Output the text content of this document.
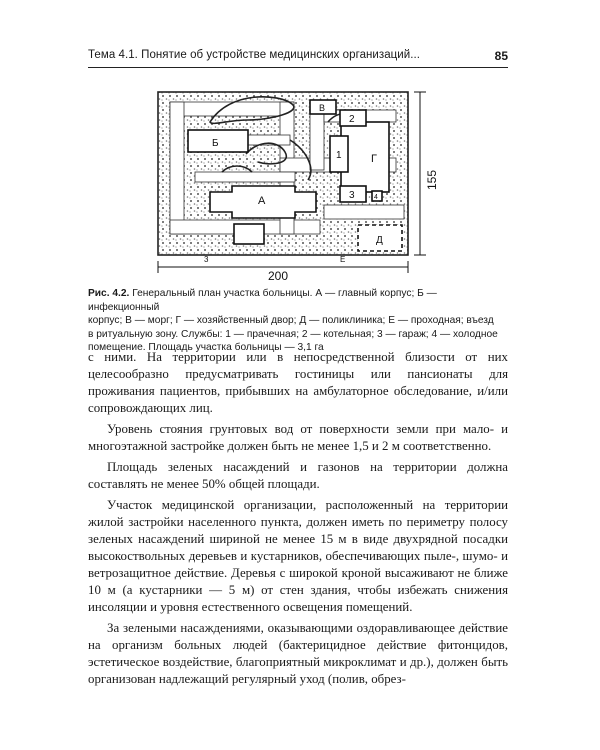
Тема 4.1. Понятие об устройстве медицинских организаций...	85
Б
В
Г
2
1
3	4
А
Д
Е
3
200
155

Рис. 4.2. Генеральный план участка больницы. А — главный корпус; Б — инфекционный

корпус; В — морг; Г — хозяйственный двор; Д — поликлиника; Е — проходная; въезд

в ритуальную зону. Службы: 1 — прачечная; 2 — котельная; 3 — гараж; 4 — холодное

помещение. Площадь участка больницы — 3,1 га

с ними. На территории или в непосредственной близости от них целесообразно предусматривать гостиницы или пансионаты для проживания пациентов, прибывших на амбулаторное обследование, и/или сопровождающих лиц.

Уровень стояния грунтовых вод от поверхности земли при мало- и многоэтажной застройке должен быть не менее 1,5 и 2 м соответственно.

Площадь зеленых насаждений и газонов на территории должна составлять не менее 50% общей площади.

Участок медицинской организации, расположенный на территории жилой застройки населенного пункта, должен иметь по периметру полосу зеленых насаждений шириной не менее 15 м в виде двухрядной посадки высокоствольных деревьев и кустарников, обеспечивающих пыле-, шумо- и ветрозащитное действие. Деревья с широкой кроной высаживают не ближе 10 м (а кустарники — 5 м) от стен здания, чтобы избежать снижения инсоляции и уровня естественного освещения помещений.

За зелеными насаждениями, оказывающими оздоравливающее действие на организм больных людей (бактерицидное действие фитонцидов, эстетическое воздействие, благоприятный микроклимат и др.), должен быть организован надлежащий регулярный уход (полив, обрез-
